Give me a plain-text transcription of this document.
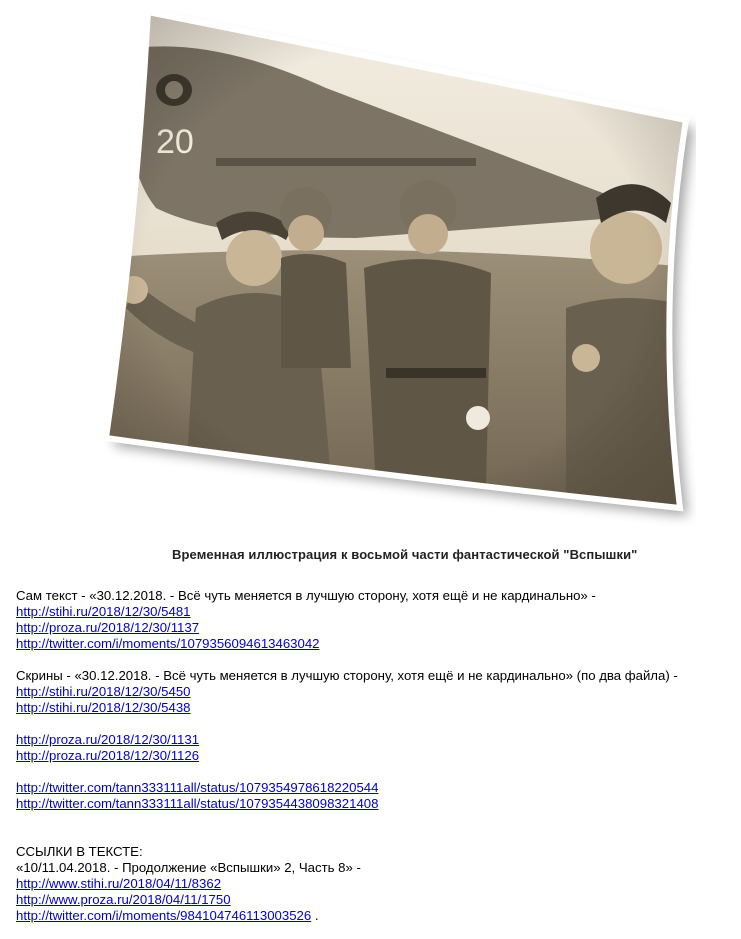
Временная иллюстрация к восьмой части фантастической "Вспышки"
Сам текст - «30.12.2018. - Всё чуть меняется в лучшую сторону, хотя ещё и не кардинально» -
http://stihi.ru/2018/12/30/5481
http://proza.ru/2018/12/30/1137
http://twitter.com/i/moments/1079356094613463042
Скрины - «30.12.2018. - Всё чуть меняется в лучшую сторону, хотя ещё и не кардинально» (по два файла) -
http://stihi.ru/2018/12/30/5450
http://stihi.ru/2018/12/30/5438
http://proza.ru/2018/12/30/1131
http://proza.ru/2018/12/30/1126
http://twitter.com/tann333111all/status/1079354978618220544
http://twitter.com/tann333111all/status/1079354438098321408
ССЫЛКИ В ТЕКСТЕ:
«10/11.04.2018. - Продолжение «Вспышки» 2, Часть 8» -
http://www.stihi.ru/2018/04/11/8362
http://www.proza.ru/2018/04/11/1750
http://twitter.com/i/moments/984104746113003526 .
